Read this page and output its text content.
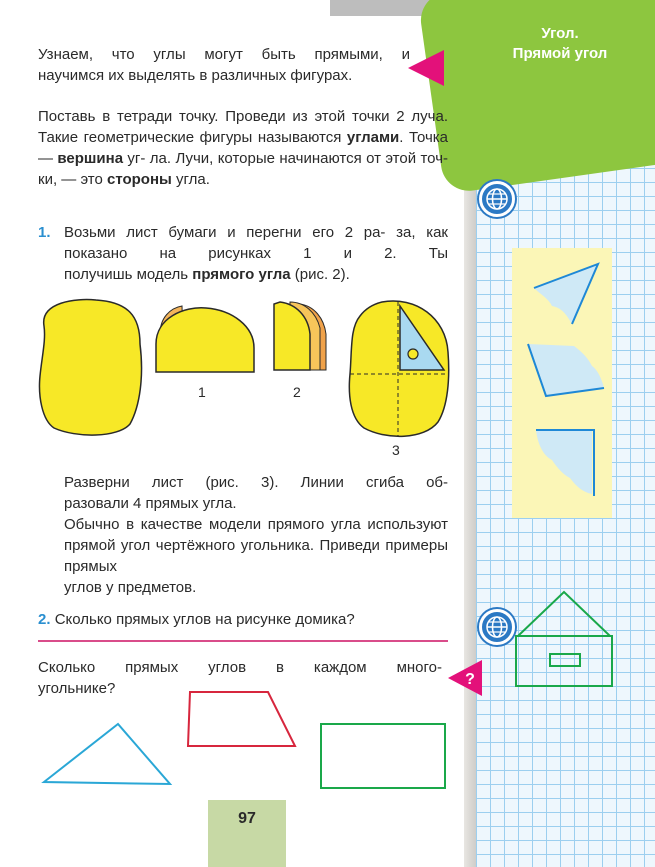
Угол.
Прямой угол
Узнаем, что углы могут быть прямыми, и
научимся их выделять в различных фигурах.
Поставь в тетради точку. Проведи из этой точки 2 луча. Такие геометрические фигуры называются углами. Точка — вершина уг- ла. Лучи, которые начинаются от этой точ-
ки, — это стороны угла.
1. Возьми лист бумаги и перегни его 2 ра- за, как показано на рисунках 1 и 2. Ты
получишь модель прямого угла (рис. 2).
1	2
3
Разверни лист (рис. 3). Линии сгиба об-
разовали 4 прямых угла.
Обычно в качестве модели прямого угла используют прямой угол чертёжного угольника. Приведи примеры прямых
углов у предметов.
2. Сколько прямых углов на рисунке домика?
Сколько прямых углов в каждом много-
угольнике?
?
97
